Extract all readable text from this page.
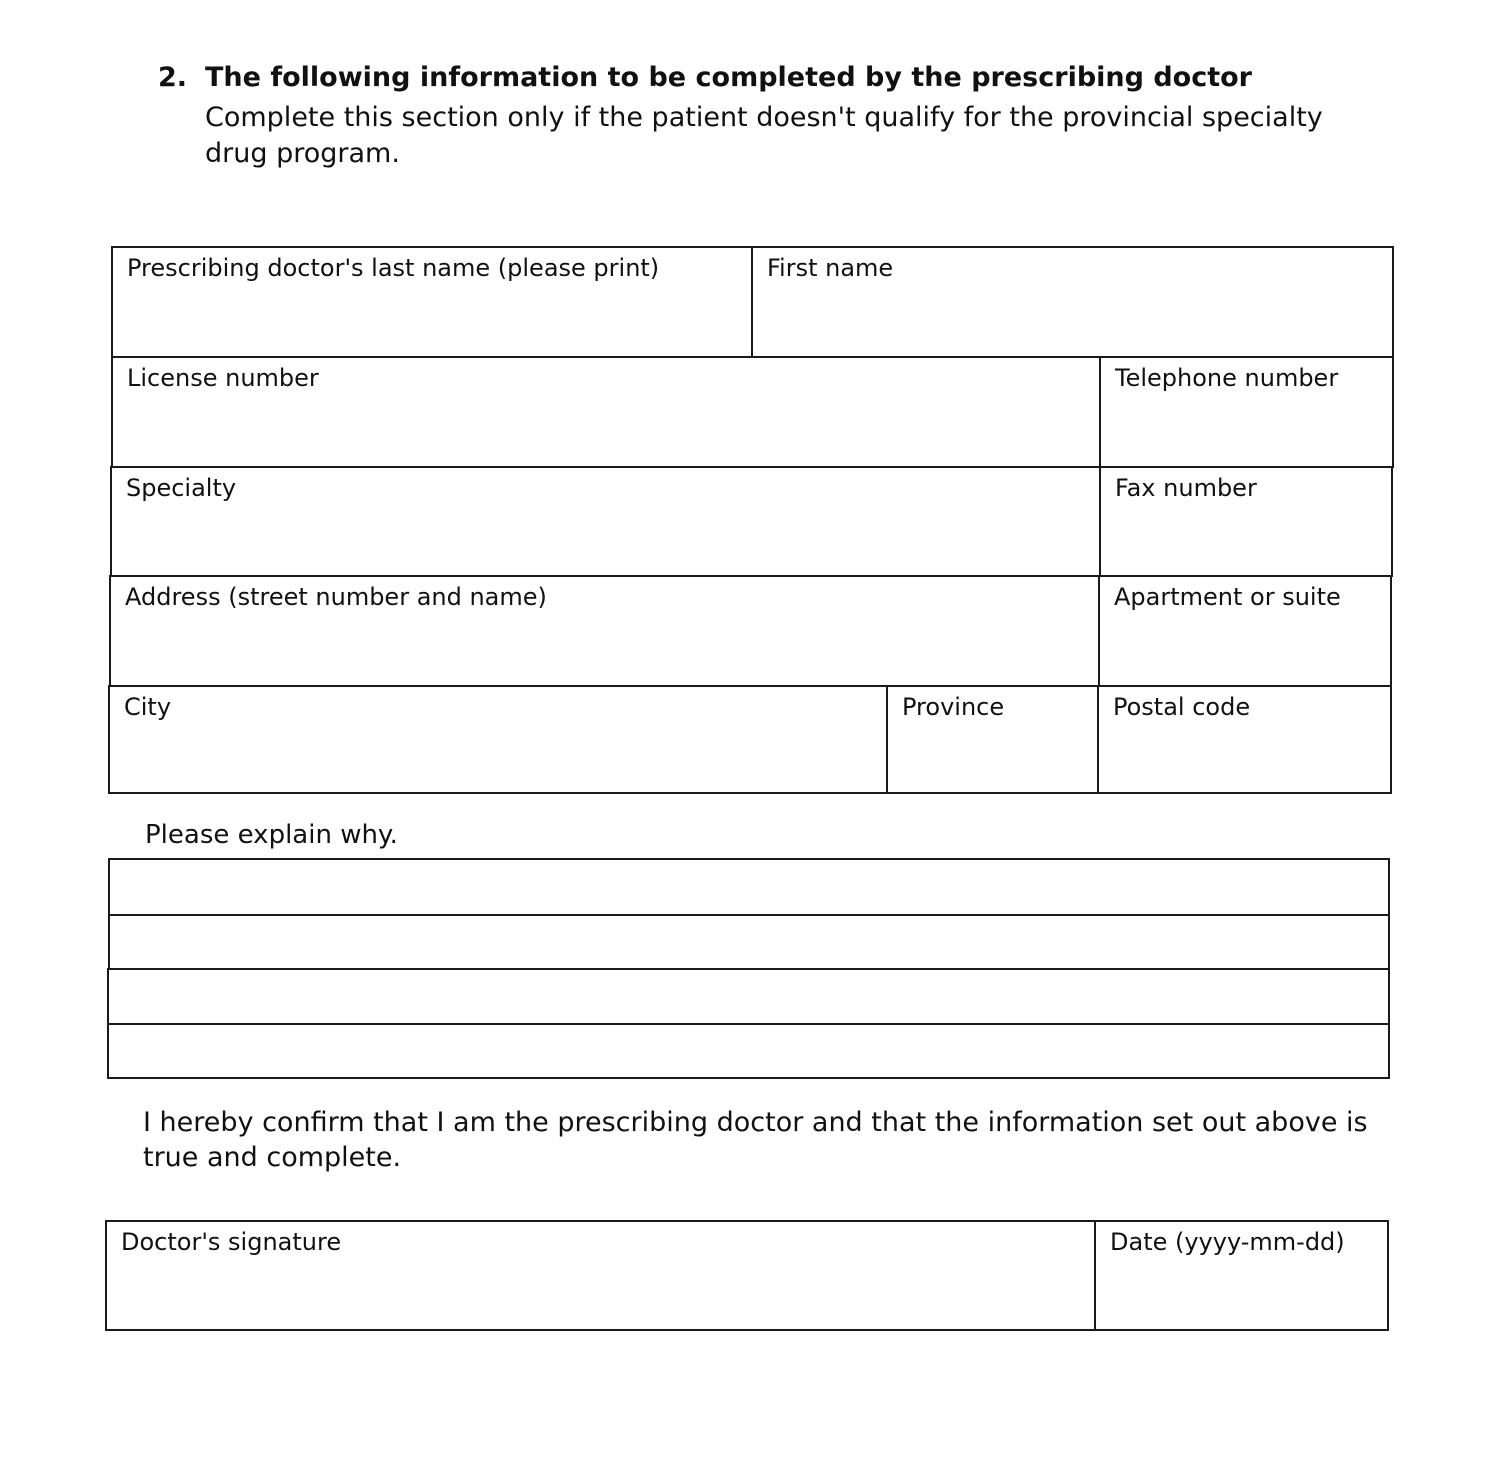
2. The following information to be completed by the prescribing doctor
Complete this section only if the patient doesn't qualify for the provincial specialty drug program.
Prescribing doctor's last name (please print)	First name
License number	Telephone number
Specialty	Fax number
Address (street number and name)	Apartment or suite
City	Province	Postal code
Please explain why.
I hereby confirm that I am the prescribing doctor and that the information set out above is true and complete.
Doctor's signature	Date (yyyy-mm-dd)
